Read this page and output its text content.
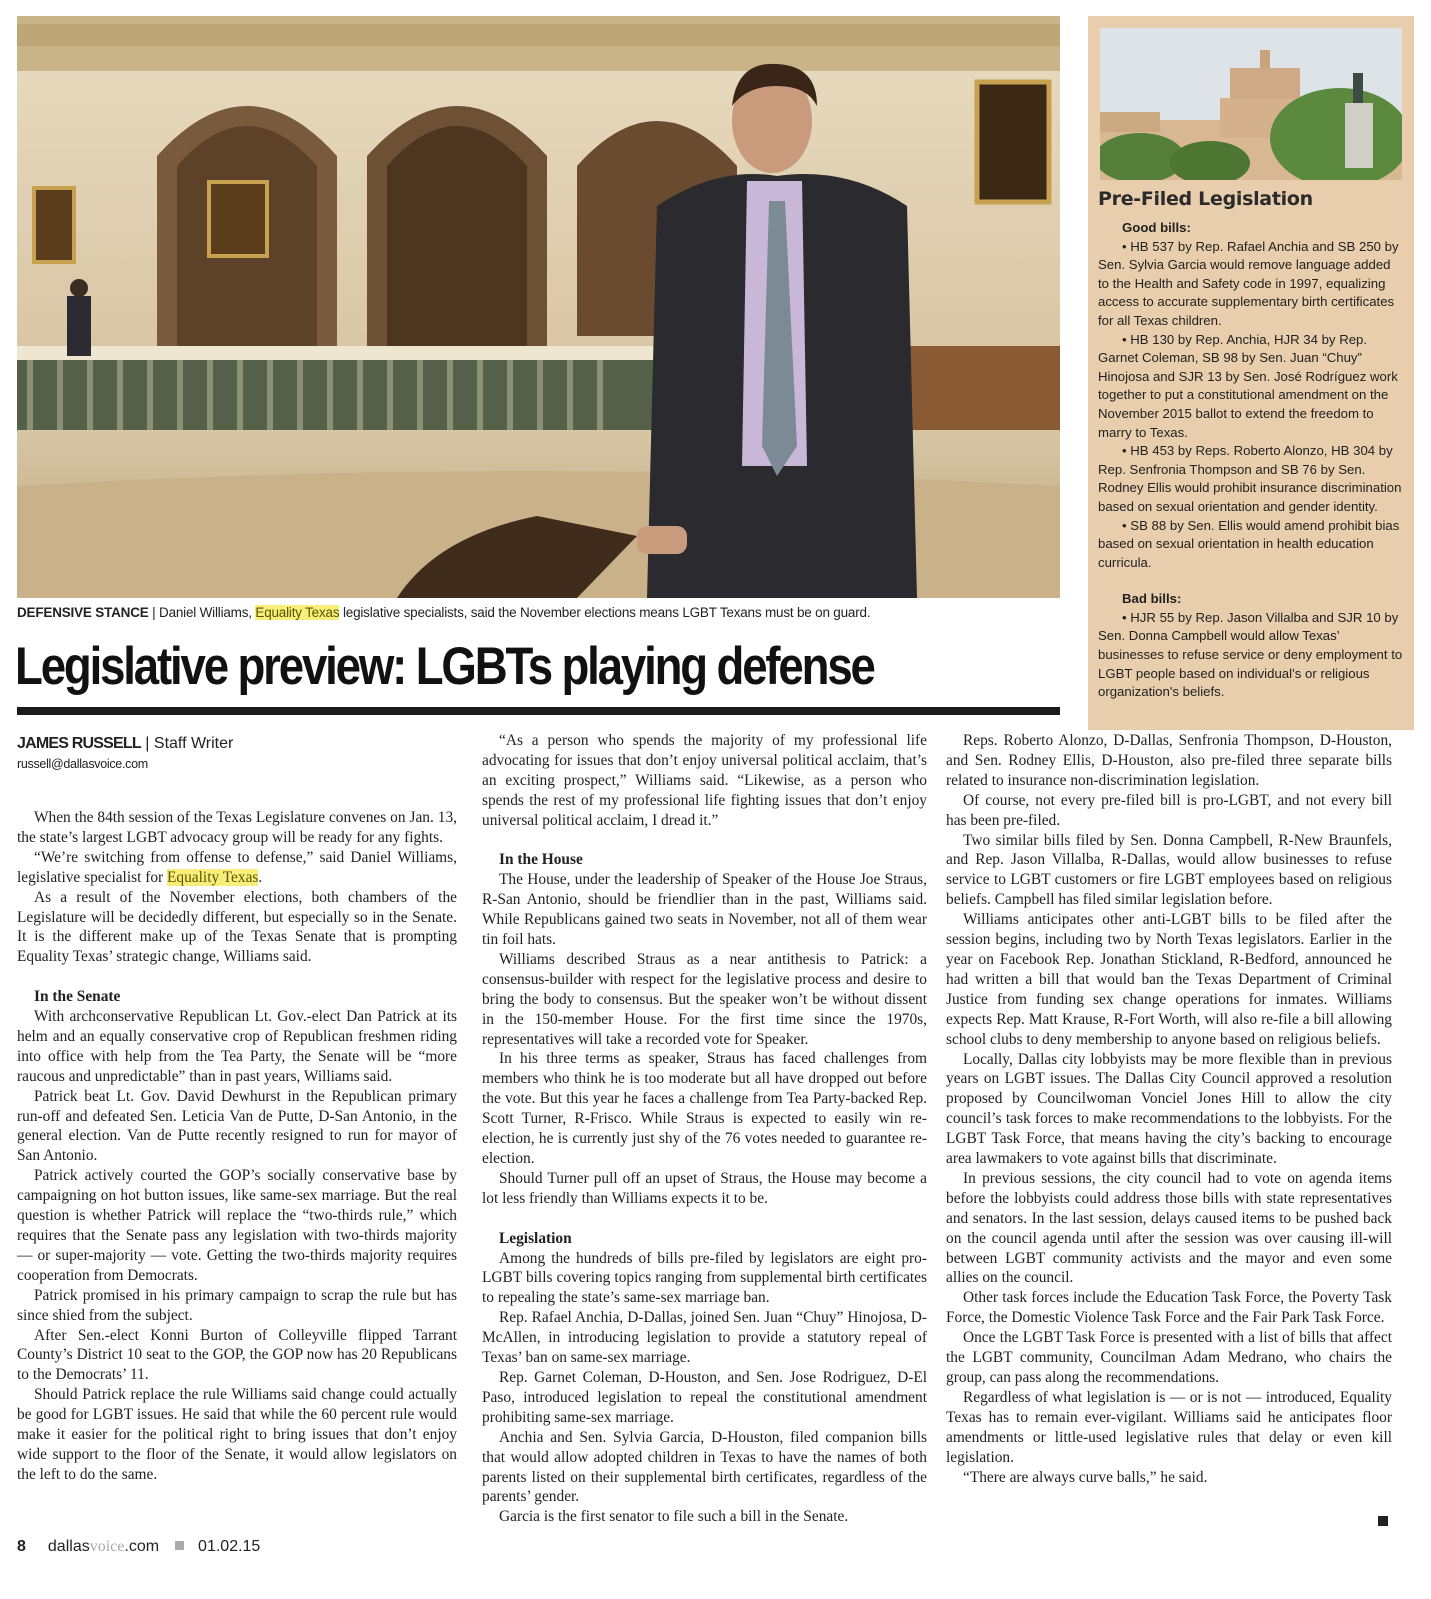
Pre-Filed Legislation
Good bills:

• HB 537 by Rep. Rafael Anchia and SB 250 by Sen. Sylvia Garcia would remove language added to the Health and Safety code in 1997, equalizing access to accurate supplementary birth certificates for all Texas children.

• HB 130 by Rep. Anchia, HJR 34 by Rep. Garnet Coleman, SB 98 by Sen. Juan “Chuy” Hinojosa and SJR 13 by Sen. José Rodríguez work together to put a constitutional amendment on the November 2015 ballot to extend the freedom to marry to Texas.

• HB 453 by Reps. Roberto Alonzo, HB 304 by Rep. Senfronia Thompson and SB 76 by Sen. Rodney Ellis would prohibit insurance discrimination based on sexual orientation and gender identity.

• SB 88 by Sen. Ellis would amend prohibit bias based on sexual orientation in health education curricula.

Bad bills:

• HJR 55 by Rep. Jason Villalba and SJR 10 by Sen. Donna Campbell would allow Texas’ businesses to refuse service or deny employment to LGBT people based on individual’s or religious organization's beliefs.

DEFENSIVE STANCE | Daniel Williams, Equality Texas legislative specialists, said the November elections means LGBT Texans must be on guard.
Legislative preview: LGBTs playing defense
JAMES RUSSELL | Staff Writer
russell@dallasvoice.com

When the 84th session of the Texas Legislature convenes on Jan. 13, the state’s largest LGBT advocacy group will be ready for any fights.

“We’re switching from offense to defense,” said Daniel Williams, legislative specialist for Equality Texas.

As a result of the November elections, both chambers of the Legislature will be decidedly different, but especially so in the Senate. It is the different make up of the Texas Senate that is prompting Equality Texas’ strategic change, Williams said.

In the Senate

With archconservative Republican Lt. Gov.-elect Dan Patrick at its helm and an equally conservative crop of Republican freshmen riding into office with help from the Tea Party, the Senate will be “more raucous and unpredictable” than in past years, Williams said.

Patrick beat Lt. Gov. David Dewhurst in the Republican primary run-off and defeated Sen. Leticia Van de Putte, D-San Antonio, in the general election. Van de Putte recently resigned to run for mayor of San Antonio.

Patrick actively courted the GOP’s socially conservative base by campaigning on hot button issues, like same-sex marriage. But the real question is whether Patrick will replace the “two-thirds rule,” which requires that the Senate pass any legislation with two-thirds majority — or super-majority — vote. Getting the two-thirds majority requires cooperation from Democrats.

Patrick promised in his primary campaign to scrap the rule but has since shied from the subject.

After Sen.-elect Konni Burton of Colleyville flipped Tarrant County’s District 10 seat to the GOP, the GOP now has 20 Republicans to the Democrats’ 11.

Should Patrick replace the rule Williams said change could actually be good for LGBT issues. He said that while the 60 percent rule would make it easier for the political right to bring issues that don’t enjoy wide support to the floor of the Senate, it would allow legislators on the left to do the same.

“As a person who spends the majority of my professional life advocating for issues that don’t enjoy universal political acclaim, that’s an exciting prospect,” Williams said. “Likewise, as a person who spends the rest of my professional life fighting issues that don’t enjoy universal political acclaim, I dread it.”

In the House

The House, under the leadership of Speaker of the House Joe Straus, R-San Antonio, should be friendlier than in the past, Williams said. While Republicans gained two seats in November, not all of them wear tin foil hats.

Williams described Straus as a near antithesis to Patrick: a consensus-builder with respect for the legislative process and desire to bring the body to consensus. But the speaker won’t be without dissent in the 150-member House. For the first time since the 1970s, representatives will take a recorded vote for Speaker.

In his three terms as speaker, Straus has faced challenges from members who think he is too moderate but all have dropped out before the vote. But this year he faces a challenge from Tea Party-backed Rep. Scott Turner, R-Frisco. While Straus is expected to easily win re-election, he is currently just shy of the 76 votes needed to guarantee re-election.

Should Turner pull off an upset of Straus, the House may become a lot less friendly than Williams expects it to be.

Legislation

Among the hundreds of bills pre-filed by legislators are eight pro-LGBT bills covering topics ranging from supplemental birth certificates to repealing the state’s same-sex marriage ban.

Rep. Rafael Anchia, D-Dallas, joined Sen. Juan “Chuy” Hinojosa, D-McAllen, in introducing legislation to provide a statutory repeal of Texas’ ban on same-sex marriage.

Rep. Garnet Coleman, D-Houston, and Sen. Jose Rodriguez, D-El Paso, introduced legislation to repeal the constitutional amendment prohibiting same-sex marriage.

Anchia and Sen. Sylvia Garcia, D-Houston, filed companion bills that would allow adopted children in Texas to have the names of both parents listed on their supplemental birth certificates, regardless of the parents’ gender.

Garcia is the first senator to file such a bill in the Senate.

Reps. Roberto Alonzo, D-Dallas, Senfronia Thompson, D-Houston, and Sen. Rodney Ellis, D-Houston, also pre-filed three separate bills related to insurance non-discrimination legislation.

Of course, not every pre-filed bill is pro-LGBT, and not every bill has been pre-filed.

Two similar bills filed by Sen. Donna Campbell, R-New Braunfels, and Rep. Jason Villalba, R-Dallas, would allow businesses to refuse service to LGBT customers or fire LGBT employees based on religious beliefs. Campbell has filed similar legislation before.

Williams anticipates other anti-LGBT bills to be filed after the session begins, including two by North Texas legislators. Earlier in the year on Facebook Rep. Jonathan Stickland, R-Bedford, announced he had written a bill that would ban the Texas Department of Criminal Justice from funding sex change operations for inmates. Williams expects Rep. Matt Krause, R-Fort Worth, will also re-file a bill allowing school clubs to deny membership to anyone based on religious beliefs.

Locally, Dallas city lobbyists may be more flexible than in previous years on LGBT issues. The Dallas City Council approved a resolution proposed by Councilwoman Vonciel Jones Hill to allow the city council’s task forces to make recommendations to the lobbyists. For the LGBT Task Force, that means having the city’s backing to encourage area lawmakers to vote against bills that discriminate.

In previous sessions, the city council had to vote on agenda items before the lobbyists could address those bills with state representatives and senators. In the last session, delays caused items to be pushed back on the council agenda until after the session was over causing ill-will between LGBT community activists and the mayor and even some allies on the council.

Other task forces include the Education Task Force, the Poverty Task Force, the Domestic Violence Task Force and the Fair Park Task Force.

Once the LGBT Task Force is presented with a list of bills that affect the LGBT community, Councilman Adam Medrano, who chairs the group, can pass along the recommendations.

Regardless of what legislation is — or is not — introduced, Equality Texas has to remain ever-vigilant. Williams said he anticipates floor amendments or little-used legislative rules that delay or even kill legislation.

“There are always curve balls,” he said.

8 dallasvoice.com 01.02.15
